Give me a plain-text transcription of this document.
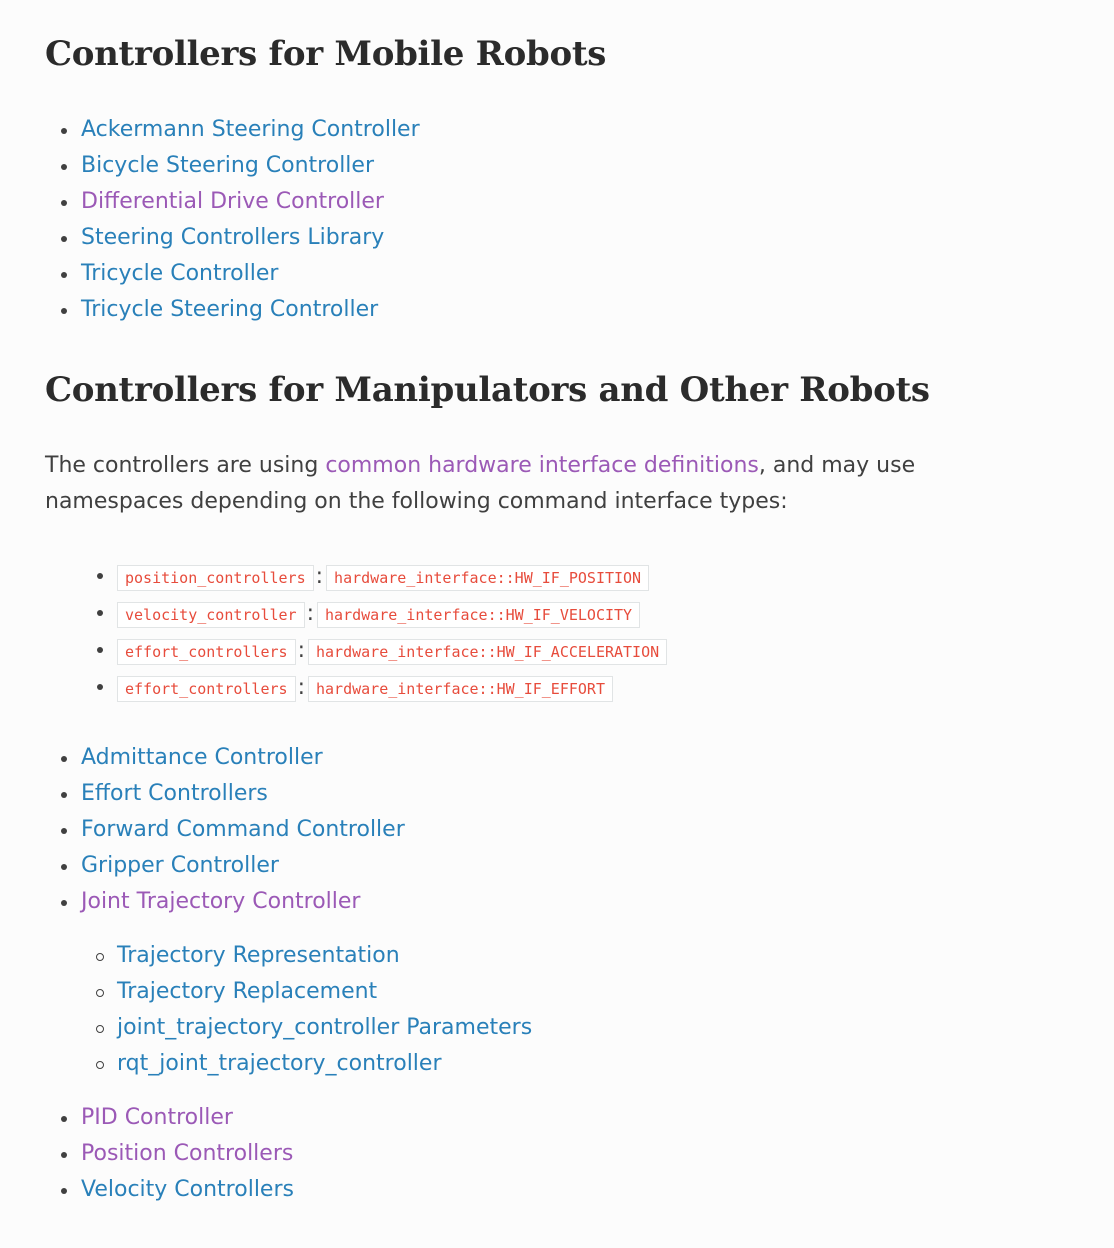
Controllers for Mobile Robots
Ackermann Steering Controller
Bicycle Steering Controller
Differential Drive Controller
Steering Controllers Library
Tricycle Controller
Tricycle Steering Controller
Controllers for Manipulators and Other Robots

The controllers are using common hardware interface definitions, and may use namespaces depending on the following command interface types:

position_controllers : hardware_interface::HW_IF_POSITION
velocity_controller : hardware_interface::HW_IF_VELOCITY
effort_controllers : hardware_interface::HW_IF_ACCELERATION
effort_controllers : hardware_interface::HW_IF_EFFORT
Admittance Controller
Effort Controllers
Forward Command Controller
Gripper Controller
Joint Trajectory Controller
Trajectory Representation
Trajectory Replacement
joint_trajectory_controller Parameters
rqt_joint_trajectory_controller
PID Controller
Position Controllers
Velocity Controllers
